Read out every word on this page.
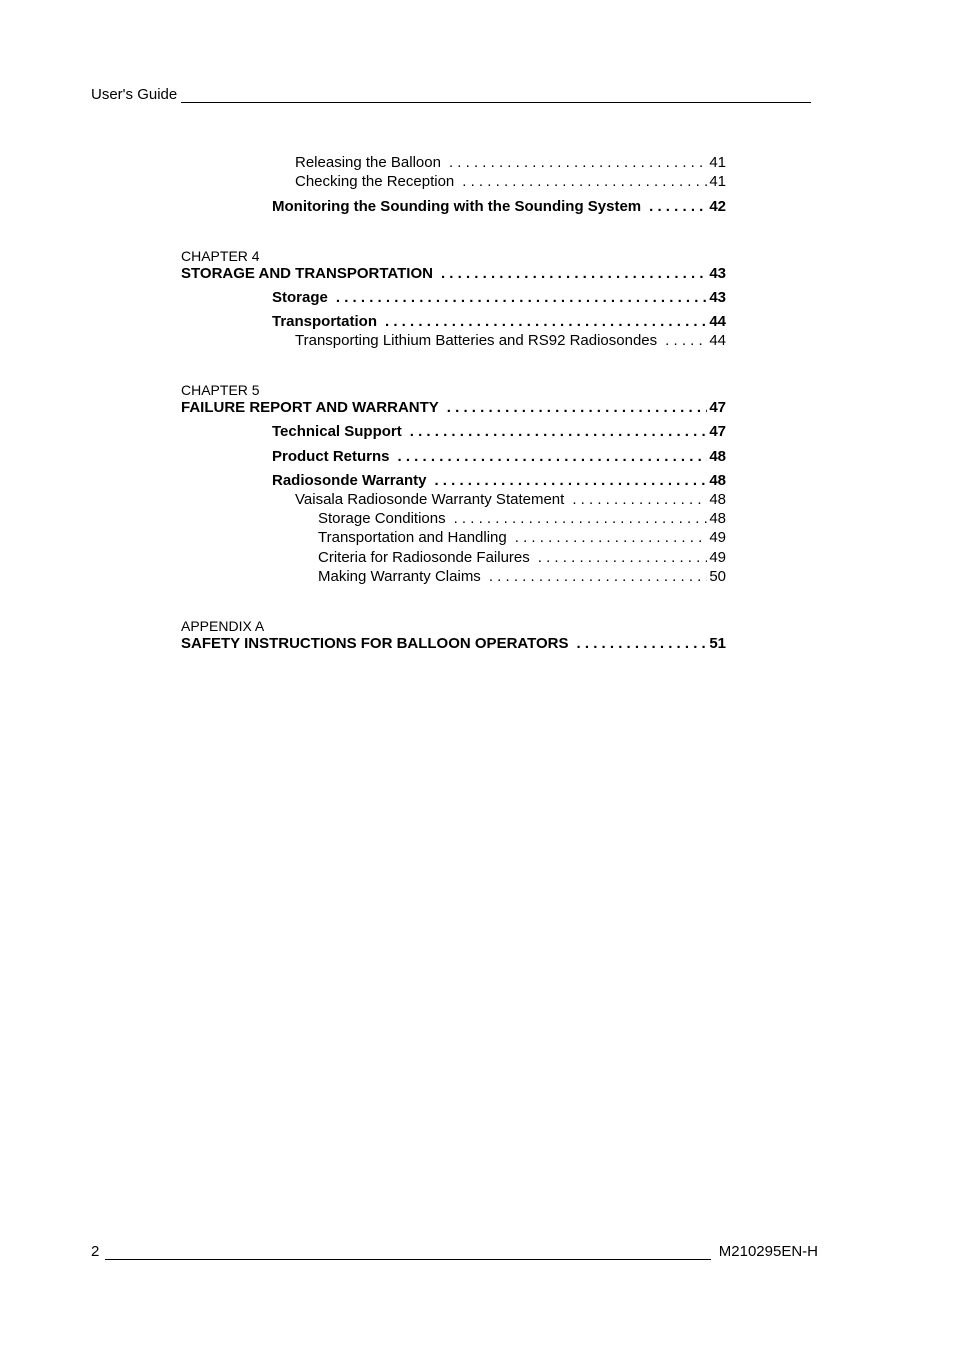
User's Guide
Releasing the Balloon . . .	41
Checking the Reception . . .	41
Monitoring the Sounding with the Sounding System . . .	42
CHAPTER 4
STORAGE AND TRANSPORTATION . . .	43
Storage . . .	43
Transportation . . .	44
Transporting Lithium Batteries and RS92 Radiosondes . . .	44
CHAPTER 5
FAILURE REPORT AND WARRANTY . . .	47
Technical Support . . .	47
Product Returns . . .	48
Radiosonde Warranty . . .	48
Vaisala Radiosonde Warranty Statement . . .	48
Storage Conditions . . .	48
Transportation and Handling . . .	49
Criteria for Radiosonde Failures . . .	49
Making Warranty Claims . . .	50
APPENDIX A
SAFETY INSTRUCTIONS FOR BALLOON OPERATORS . . .	51
2	M210295EN-H
